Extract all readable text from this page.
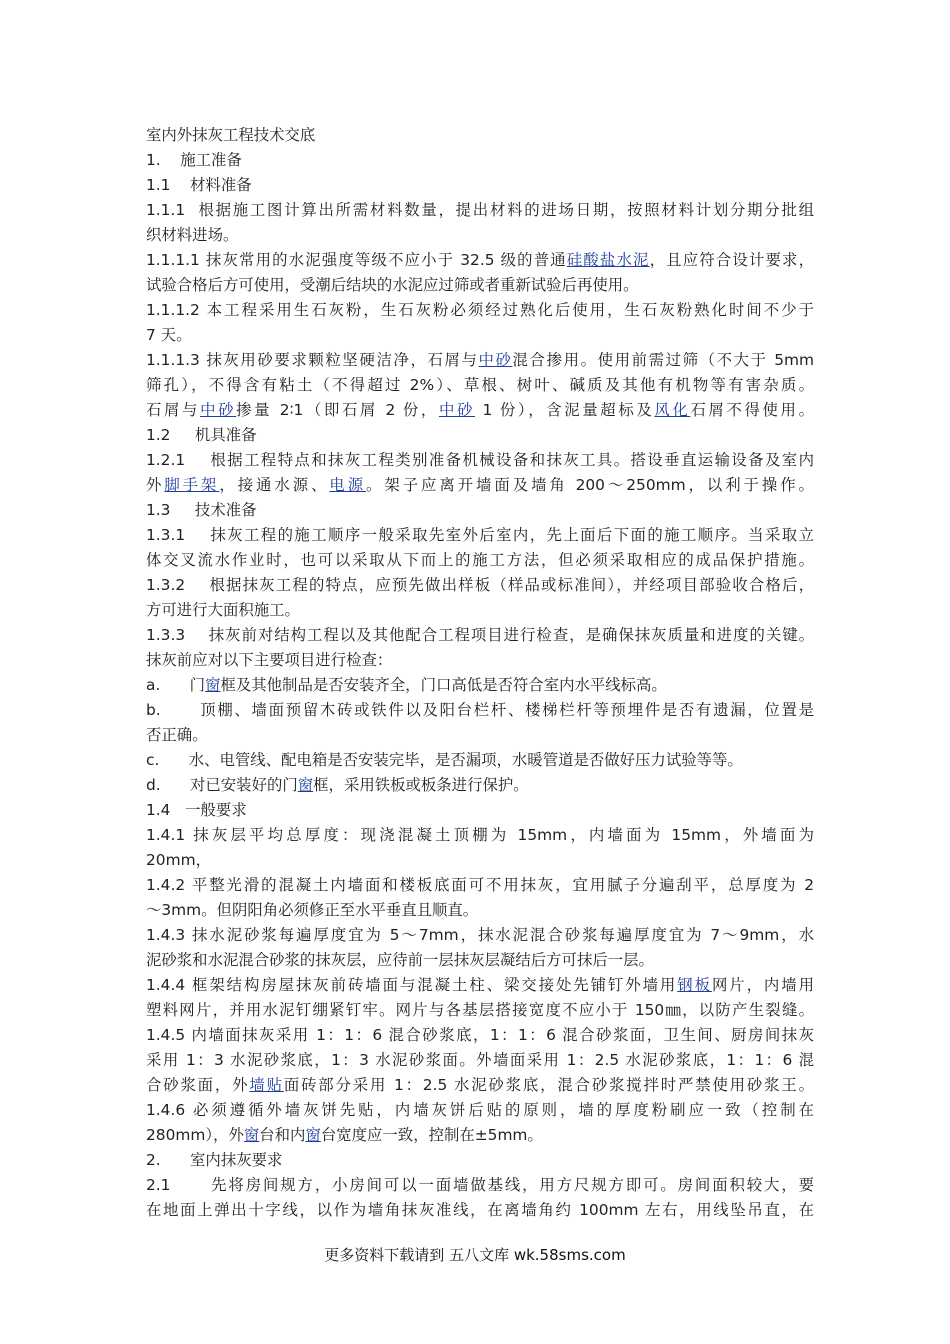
室内外抹灰工程技术交底
1.    施工准备
1.1    材料准备
1.1.1  根据施工图计算出所需材料数量，提出材料的进场日期，按照材料计划分期分批组
织材料进场。
1.1.1.1 抹灰常用的水泥强度等级不应小于 32.5 级的普通硅酸盐水泥，且应符合设计要求，
试验合格后方可使用，受潮后结块的水泥应过筛或者重新试验后再使用。
1.1.1.2 本工程采用生石灰粉，生石灰粉必须经过熟化后使用，生石灰粉熟化时间不少于
7 天。
1.1.1.3 抹灰用砂要求颗粒坚硬洁净，石屑与中砂混合掺用。使用前需过筛（不大于 5mm
筛孔），不得含有粘土（不得超过 2%）、草根、树叶、碱质及其他有机物等有害杂质。
石屑与中砂掺量 2∶1（即石屑 2 份，中砂 1 份），含泥量超标及风化石屑不得使用。
1.2     机具准备
1.2.1    根据工程特点和抹灰工程类别准备机械设备和抹灰工具。搭设垂直运输设备及室内
外脚手架，接通水源、电源。架子应离开墙面及墙角 200～250mm，以利于操作。
1.3     技术准备
1.3.1    抹灰工程的施工顺序一般采取先室外后室内，先上面后下面的施工顺序。当采取立
体交叉流水作业时，也可以采取从下而上的施工方法，但必须采取相应的成品保护措施。
1.3.2    根据抹灰工程的特点，应预先做出样板（样品或标准间），并经项目部验收合格后，
方可进行大面积施工。
1.3.3    抹灰前对结构工程以及其他配合工程项目进行检查，是确保抹灰质量和进度的关键。
抹灰前应对以下主要项目进行检查：
a.      门窗框及其他制品是否安装齐全，门口高低是否符合室内水平线标高。
b.      顶棚、墙面预留木砖或铁件以及阳台栏杆、楼梯栏杆等预埋件是否有遗漏，位置是
否正确。
c.      水、电管线、配电箱是否安装完毕，是否漏项，水暖管道是否做好压力试验等等。
d.      对已安装好的门窗框，采用铁板或板条进行保护。
1.4   一般要求
1.4.1 抹灰层平均总厚度：现浇混凝土顶棚为 15mm，内墙面为 15mm，外墙面为
20mm，
1.4.2 平整光滑的混凝土内墙面和楼板底面可不用抹灰，宜用腻子分遍刮平，总厚度为 2
～3mm。但阴阳角必须修正至水平垂直且顺直。
1.4.3 抹水泥砂浆每遍厚度宜为 5～7mm，抹水泥混合砂浆每遍厚度宜为 7～9mm，水
泥砂浆和水泥混合砂浆的抹灰层，应待前一层抹灰层凝结后方可抹后一层。
1.4.4 框架结构房屋抹灰前砖墙面与混凝土柱、梁交接处先铺钉外墙用钢板网片，内墙用
塑料网片，并用水泥钉绷紧钉牢。网片与各基层搭接宽度不应小于 150㎜，以防产生裂缝。
1.4.5 内墙面抹灰采用 1：1：6 混合砂浆底，1：1：6 混合砂浆面，卫生间、厨房间抹灰
采用 1：3 水泥砂浆底，1：3 水泥砂浆面。外墙面采用 1：2.5 水泥砂浆底，1：1：6 混
合砂浆面，外墙贴面砖部分采用 1：2.5 水泥砂浆底，混合砂浆搅拌时严禁使用砂浆王。
1.4.6 必须遵循外墙灰饼先贴，内墙灰饼后贴的原则，墙的厚度粉刷应一致（控制在
280mm），外窗台和内窗台宽度应一致，控制在±5mm。
2.      室内抹灰要求
2.1      先将房间规方，小房间可以一面墙做基线，用方尺规方即可。房间面积较大，要
在地面上弹出十字线，以作为墙角抹灰准线，在离墙角约 100mm 左右，用线坠吊直，在
更多资料下载请到 五八文库 wk.58sms.com
